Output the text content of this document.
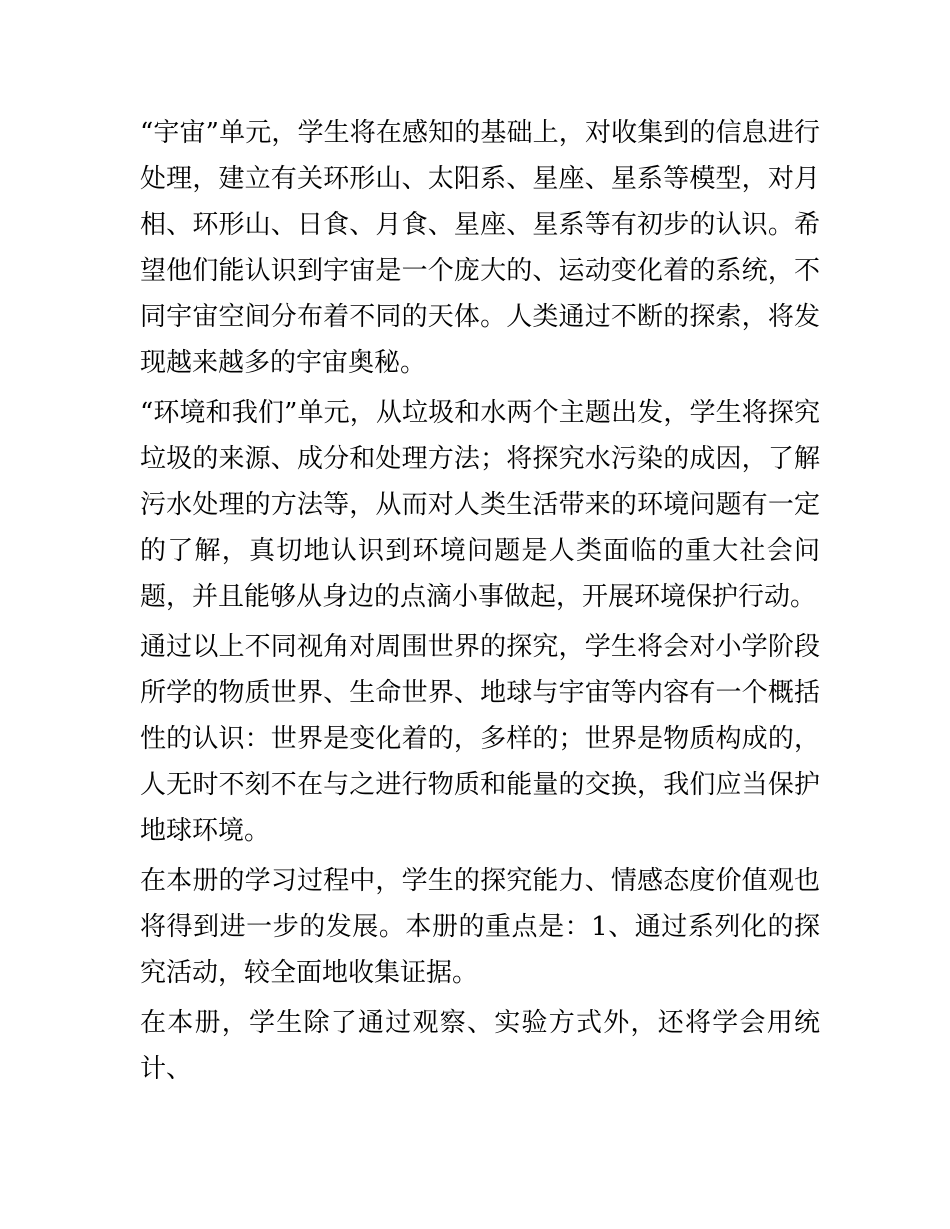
“宇宙”单元，学生将在感知的基础上，对收集到的信息进行处理，建立有关环形山、太阳系、星座、星系等模型，对月相、环形山、日食、月食、星座、星系等有初步的认识。希望他们能认识到宇宙是一个庞大的、运动变化着的系统，不同宇宙空间分布着不同的天体。人类通过不断的探索，将发现越来越多的宇宙奥秘。

“环境和我们”单元，从垃圾和水两个主题出发，学生将探究垃圾的来源、成分和处理方法；将探究水污染的成因，了解污水处理的方法等，从而对人类生活带来的环境问题有一定的了解，真切地认识到环境问题是人类面临的重大社会问题，并且能够从身边的点滴小事做起，开展环境保护行动。

通过以上不同视角对周围世界的探究，学生将会对小学阶段所学的物质世界、生命世界、地球与宇宙等内容有一个概括性的认识：世界是变化着的，多样的；世界是物质构成的，人无时不刻不在与之进行物质和能量的交换，我们应当保护地球环境。

在本册的学习过程中，学生的探究能力、情感态度价值观也将得到进一步的发展。本册的重点是：1、通过系列化的探究活动，较全面地收集证据。

在本册，学生除了通过观察、实验方式外，还将学会用统计、
